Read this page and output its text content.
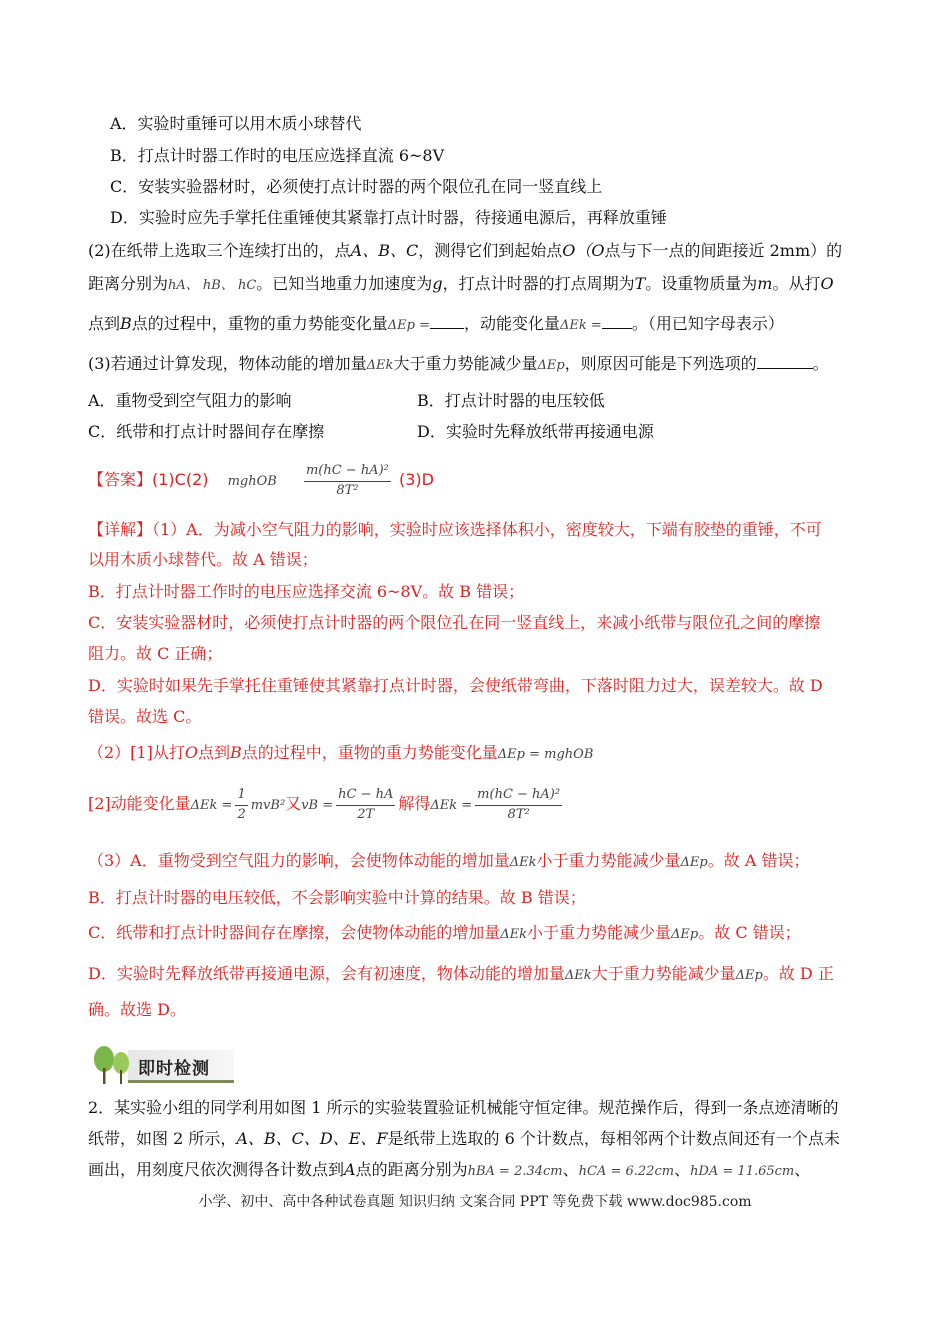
A．实验时重锤可以用木质小球替代
B．打点计时器工作时的电压应选择直流 6~8V
C．安装实验器材时，必须使打点计时器的两个限位孔在同一竖直线上
D．实验时应先手掌托住重锤使其紧靠打点计时器，待接通电源后，再释放重锤
(2)在纸带上选取三个连续打出的，点A、B、C，测得它们到起始点O（O点与下一点的间距接近 2mm）的
距离分别为hA、 hB、 hC。已知当地重力加速度为g，打点计时器的打点周期为T。设重物质量为m。从打O
点到B点的过程中，重物的重力势能变化量ΔEp = ，动能变化量ΔEk = 。（用已知字母表示）
(3)若通过计算发现，物体动能的增加量ΔEk大于重力势能减少量ΔEp，则原因可能是下列选项的	。
A．重物受到空气阻力的影响	B．打点计时器的电压较低
C．纸带和打点计时器间存在摩擦	D．实验时先释放纸带再接通电源
【答案】(1)C(2) mghOB $\frac{\text{m(hC − hA)²}}{\text{8T²}} (3)D$
【详解】（1）A．为减小空气阻力的影响，实验时应该选择体积小，密度较大，下端有胶垫的重锤，不可
以用木质小球替代。故 A 错误；
B．打点计时器工作时的电压应选择交流 6~8V。故 B 错误；
C．安装实验器材时，必须使打点计时器的两个限位孔在同一竖直线上，来减小纸带与限位孔之间的摩擦
阻力。故 C 正确；
D．实验时如果先手掌托住重锤使其紧靠打点计时器，会使纸带弯曲，下落时阻力过大，误差较大。故 D
错误。故选 C。
（2）[1]从打O点到B点的过程中，重物的重力势能变化量ΔEp = mghOB
[2]动能变化量$\Delta Ek = \frac{1}{2} mvB^2$又vB = $\frac{hC - hA}{2T}$ 解得$\Delta Ek = \frac{\text{m(hC − hA)²}}{\text{8T²}}$
（3）A．重物受到空气阻力的影响，会使物体动能的增加量ΔEk小于重力势能减少量ΔEp。故 A 错误；
B．打点计时器的电压较低，不会影响实验中计算的结果。故 B 错误；
C．纸带和打点计时器间存在摩擦，会使物体动能的增加量ΔEk小于重力势能减少量ΔEp。故 C 错误；
D．实验时先释放纸带再接通电源，会有初速度，物体动能的增加量ΔEk大于重力势能减少量ΔEp。故 D 正
确。故选 D。
即时检测
2．某实验小组的同学利用如图 1 所示的实验装置验证机械能守恒定律。规范操作后，得到一条点迹清晰的
纸带，如图 2 所示，A、B、C、D、E、F是纸带上选取的 6 个计数点，每相邻两个计数点间还有一个点未
画出，用刻度尺依次测得各计数点到A点的距离分别为hBA = 2.34cm、hCA = 6.22cm、hDA = 11.65cm、
小学、初中、高中各种试卷真题 知识归纳 文案合同 PPT 等免费下载 www.doc985.com
